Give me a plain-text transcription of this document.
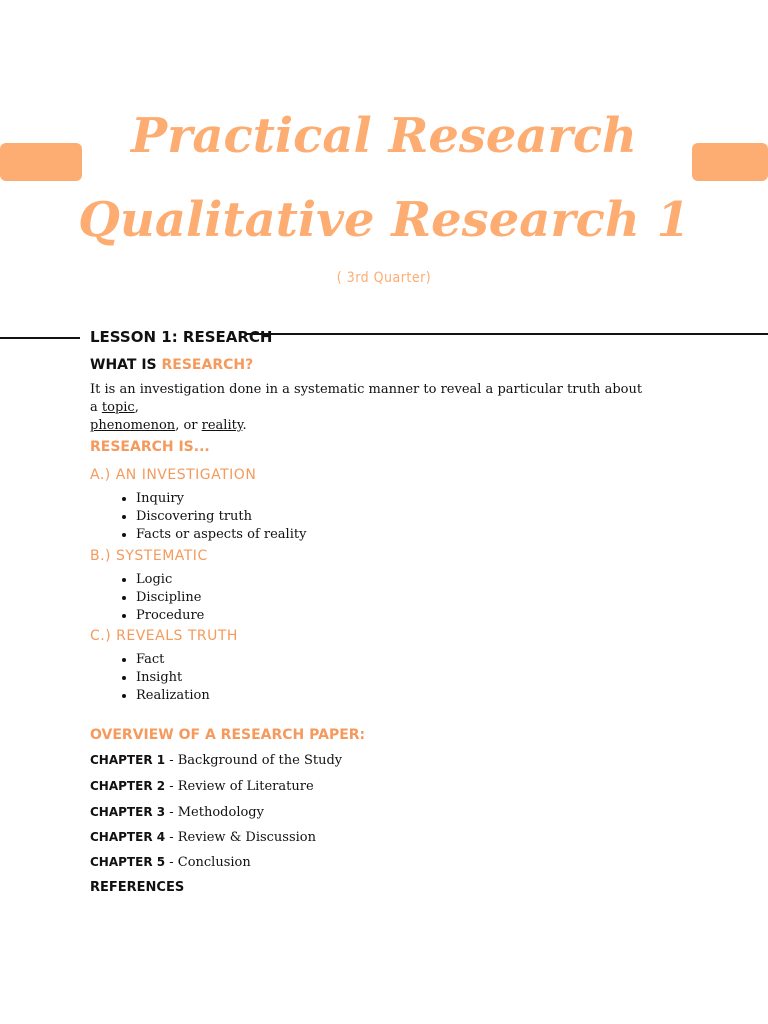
Practical Research
Qualitative Research 1
( 3rd Quarter)
LESSON 1: RESEARCH
WHAT IS RESEARCH?

It is an investigation done in a systematic manner to reveal a particular truth about a topic,
phenomenon, or reality.

RESEARCH IS...
A.) AN INVESTIGATION
• Inquiry
• Discovering truth
• Facts or aspects of reality
B.) SYSTEMATIC
• Logic
• Discipline
• Procedure
C.) REVEALS TRUTH
• Fact
• Insight
• Realization
OVERVIEW OF A RESEARCH PAPER:
CHAPTER 1 - Background of the Study
CHAPTER 2 - Review of Literature
CHAPTER 3 - Methodology
CHAPTER 4 - Review & Discussion
CHAPTER 5 - Conclusion
REFERENCES
